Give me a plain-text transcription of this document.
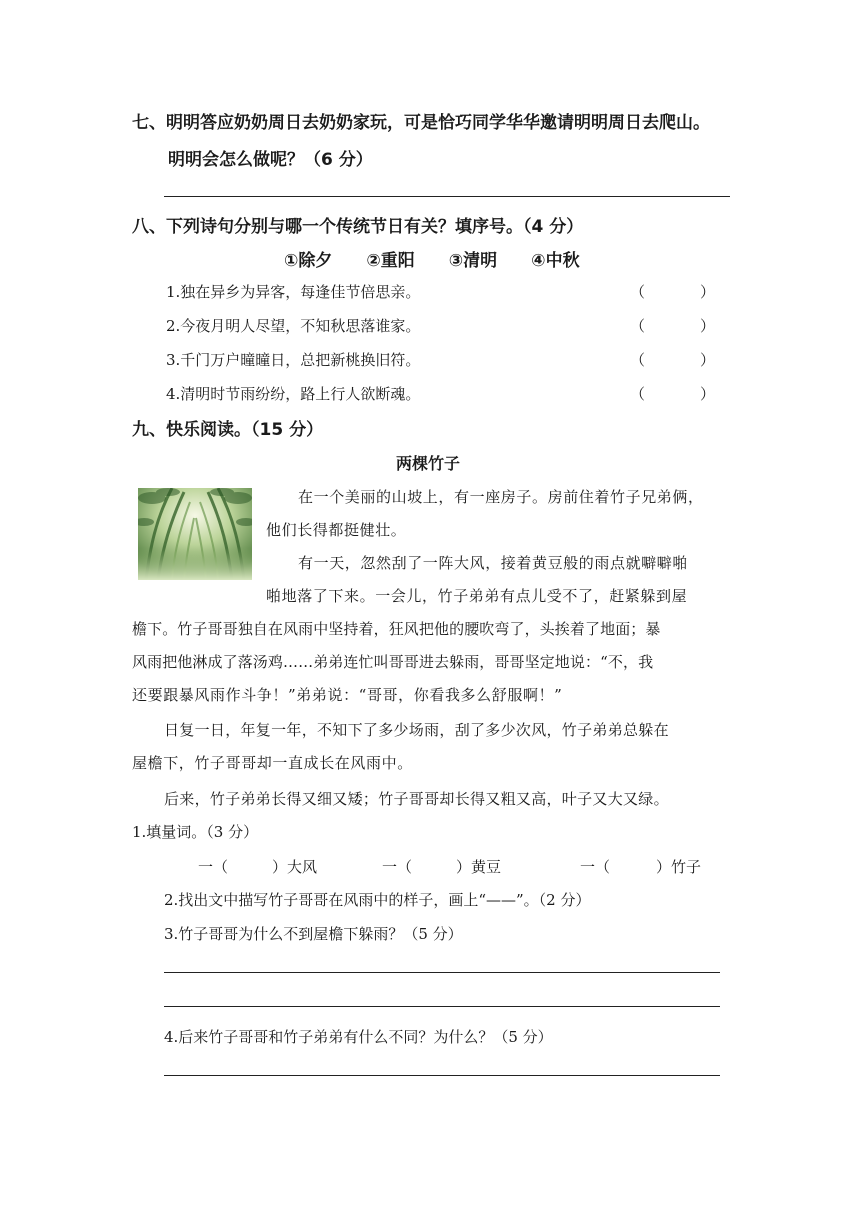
七、明明答应奶奶周日去奶奶家玩，可是恰巧同学华华邀请明明周日去爬山。
明明会怎么做呢？（6 分）
八、下列诗句分别与哪一个传统节日有关？填序号。（4 分）
①除夕　　②重阳　　③清明　　④中秋
1.独在异乡为异客，每逢佳节倍思亲。	（	）
2.今夜月明人尽望，不知秋思落谁家。	（	）
3.千门万户曈曈日，总把新桃换旧符。	（	）
4.清明时节雨纷纷，路上行人欲断魂。	（	）
九、快乐阅读。（15 分）
两棵竹子
在一个美丽的山坡上，有一座房子。房前住着竹子兄弟俩，
他们长得都挺健壮。
有一天，忽然刮了一阵大风，接着黄豆般的雨点就噼噼啪
啪地落了下来。一会儿，竹子弟弟有点儿受不了，赶紧躲到屋
檐下。竹子哥哥独自在风雨中坚持着，狂风把他的腰吹弯了，头挨着了地面；暴
风雨把他淋成了落汤鸡……弟弟连忙叫哥哥进去躲雨，哥哥坚定地说：“不，我
还要跟暴风雨作斗争！”弟弟说：“哥哥，你看我多么舒服啊！”
日复一日，年复一年，不知下了多少场雨，刮了多少次风，竹子弟弟总躲在
屋檐下，竹子哥哥却一直成长在风雨中。
后来，竹子弟弟长得又细又矮；竹子哥哥却长得又粗又高，叶子又大又绿。
1.填量词。（3 分）
一（	）大风	一（	）黄豆	一（	）竹子
2.找出文中描写竹子哥哥在风雨中的样子，画上“——”。（2 分）
3.竹子哥哥为什么不到屋檐下躲雨？（5 分）
4.后来竹子哥哥和竹子弟弟有什么不同？为什么？（5 分）
